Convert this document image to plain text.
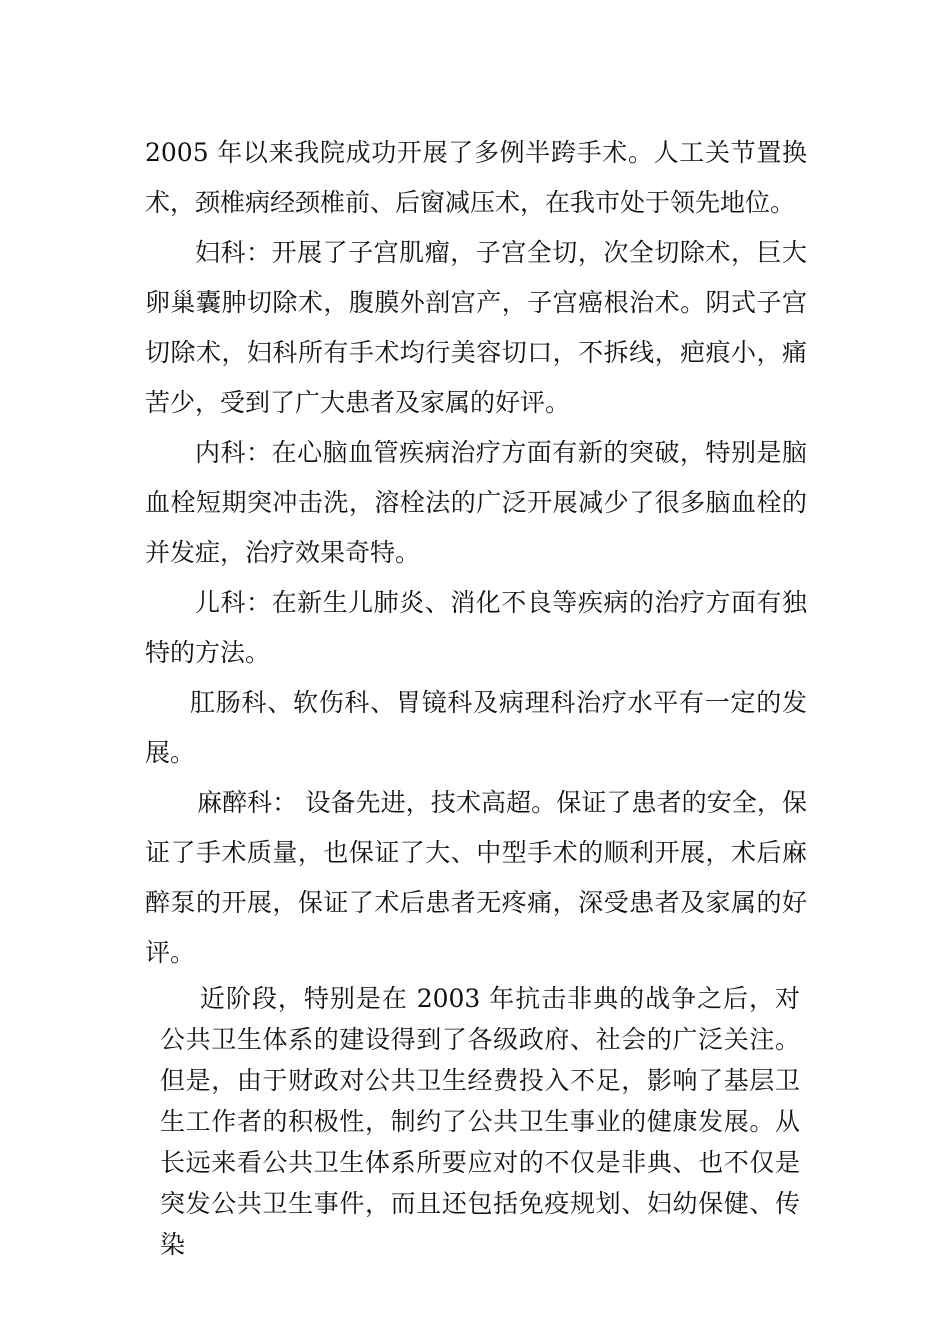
2005 年以来我院成功开展了多例半跨手术。人工关节置换术，颈椎病经颈椎前、后窗减压术，在我市处于领先地位。

妇科：开展了子宫肌瘤，子宫全切，次全切除术，巨大卵巢囊肿切除术，腹膜外剖宫产，子宫癌根治术。阴式子宫切除术，妇科所有手术均行美容切口，不拆线，疤痕小，痛苦少，受到了广大患者及家属的好评。

内科：在心脑血管疾病治疗方面有新的突破，特别是脑血栓短期突冲击洗，溶栓法的广泛开展减少了很多脑血栓的并发症，治疗效果奇特。

儿科：在新生儿肺炎、消化不良等疾病的治疗方面有独特的方法。

肛肠科、软伤科、胃镜科及病理科治疗水平有一定的发展。

麻醉科： 设备先进，技术高超。保证了患者的安全，保证了手术质量，也保证了大、中型手术的顺利开展，术后麻醉泵的开展，保证了术后患者无疼痛，深受患者及家属的好评。

近阶段，特别是在 2003 年抗击非典的战争之后，对公共卫生体系的建设得到了各级政府、社会的广泛关注。但是，由于财政对公共卫生经费投入不足，影响了基层卫生工作者的积极性，制约了公共卫生事业的健康发展。从长远来看公共卫生体系所要应对的不仅是非典、也不仅是突发公共卫生事件，而且还包括免疫规划、妇幼保健、传染
